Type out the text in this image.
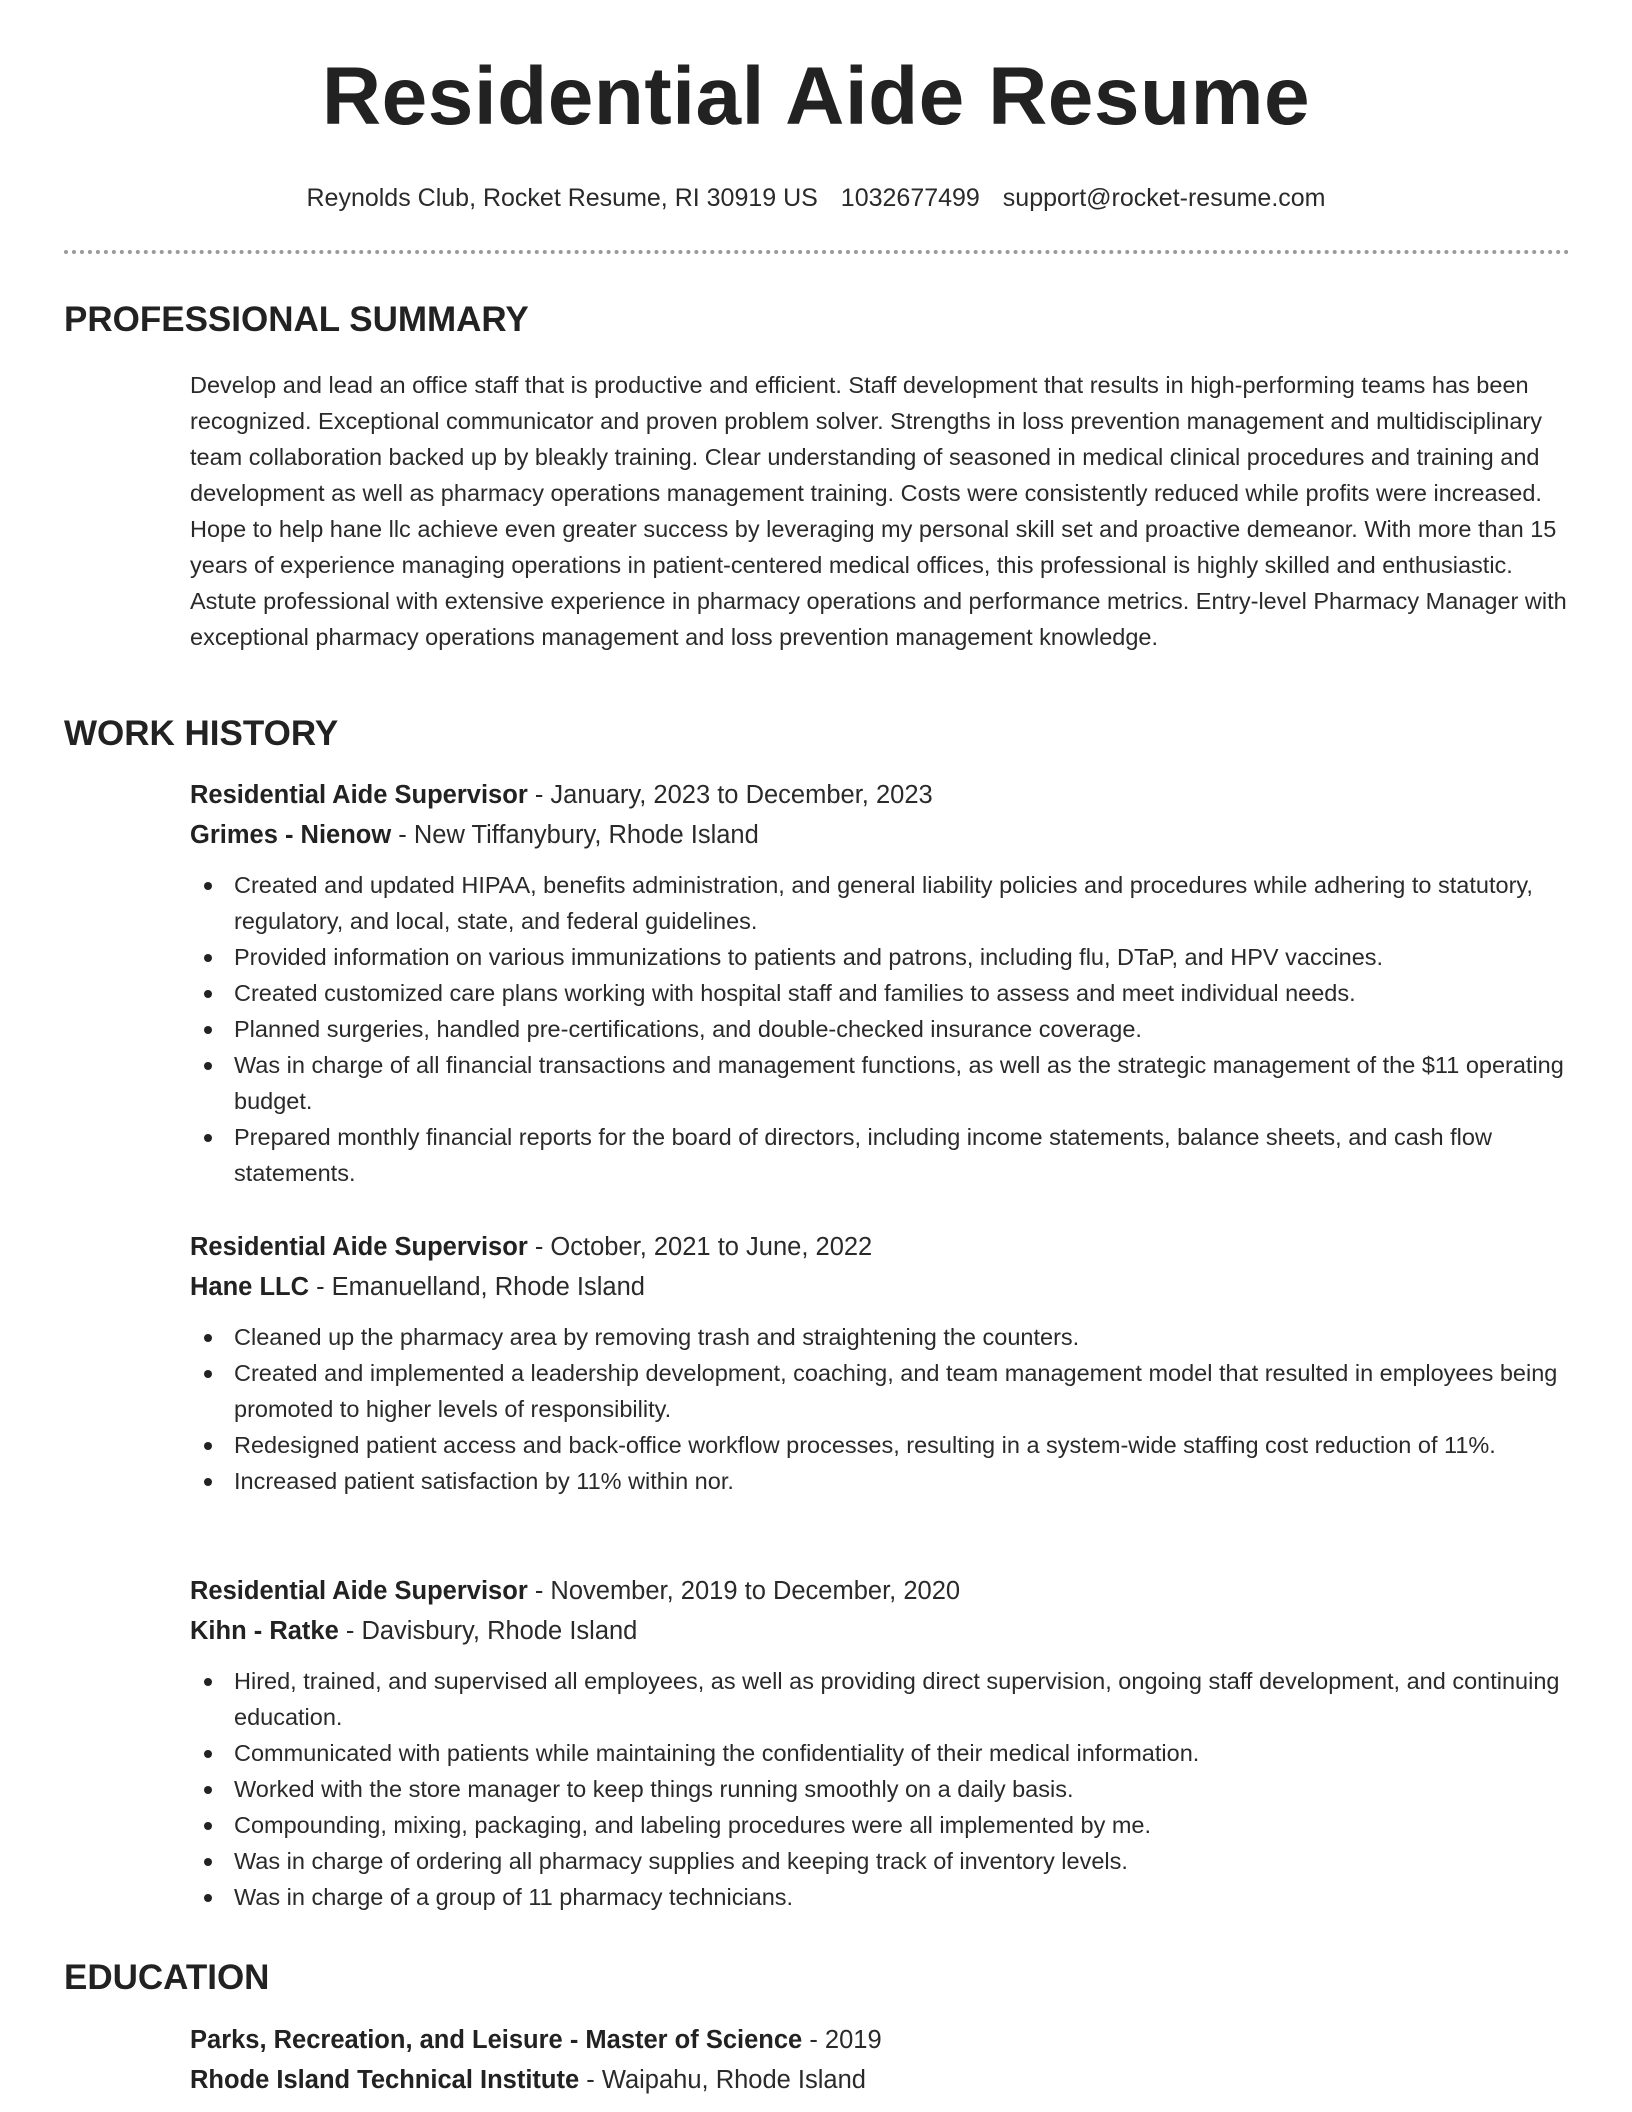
Residential Aide Resume
Reynolds Club, Rocket Resume, RI 30919 US 1032677499 support@rocket-resume.com
PROFESSIONAL SUMMARY

Develop and lead an office staff that is productive and efficient. Staff development that results in high-performing teams has been recognized. Exceptional communicator and proven problem solver. Strengths in loss prevention management and multidisciplinary team collaboration backed up by bleakly training. Clear understanding of seasoned in medical clinical procedures and training and development as well as pharmacy operations management training. Costs were consistently reduced while profits were increased. Hope to help hane llc achieve even greater success by leveraging my personal skill set and proactive demeanor. With more than 15 years of experience managing operations in patient-centered medical offices, this professional is highly skilled and enthusiastic. Astute professional with extensive experience in pharmacy operations and performance metrics. Entry-level Pharmacy Manager with exceptional pharmacy operations management and loss prevention management knowledge.

WORK HISTORY
Residential Aide Supervisor - January, 2023 to December, 2023
Grimes - Nienow - New Tiffanybury, Rhode Island
Created and updated HIPAA, benefits administration, and general liability policies and procedures while adhering to statutory, regulatory, and local, state, and federal guidelines.
Provided information on various immunizations to patients and patrons, including flu, DTaP, and HPV vaccines.
Created customized care plans working with hospital staff and families to assess and meet individual needs.
Planned surgeries, handled pre-certifications, and double-checked insurance coverage.
Was in charge of all financial transactions and management functions, as well as the strategic management of the $11 operating budget.
Prepared monthly financial reports for the board of directors, including income statements, balance sheets, and cash flow statements.
Residential Aide Supervisor - October, 2021 to June, 2022
Hane LLC - Emanuelland, Rhode Island
Cleaned up the pharmacy area by removing trash and straightening the counters.
Created and implemented a leadership development, coaching, and team management model that resulted in employees being promoted to higher levels of responsibility.
Redesigned patient access and back-office workflow processes, resulting in a system-wide staffing cost reduction of 11%.
Increased patient satisfaction by 11% within nor.
Residential Aide Supervisor - November, 2019 to December, 2020
Kihn - Ratke - Davisbury, Rhode Island
Hired, trained, and supervised all employees, as well as providing direct supervision, ongoing staff development, and continuing education.
Communicated with patients while maintaining the confidentiality of their medical information.
Worked with the store manager to keep things running smoothly on a daily basis.
Compounding, mixing, packaging, and labeling procedures were all implemented by me.
Was in charge of ordering all pharmacy supplies and keeping track of inventory levels.
Was in charge of a group of 11 pharmacy technicians.
EDUCATION
Parks, Recreation, and Leisure - Master of Science - 2019
Rhode Island Technical Institute - Waipahu, Rhode Island
